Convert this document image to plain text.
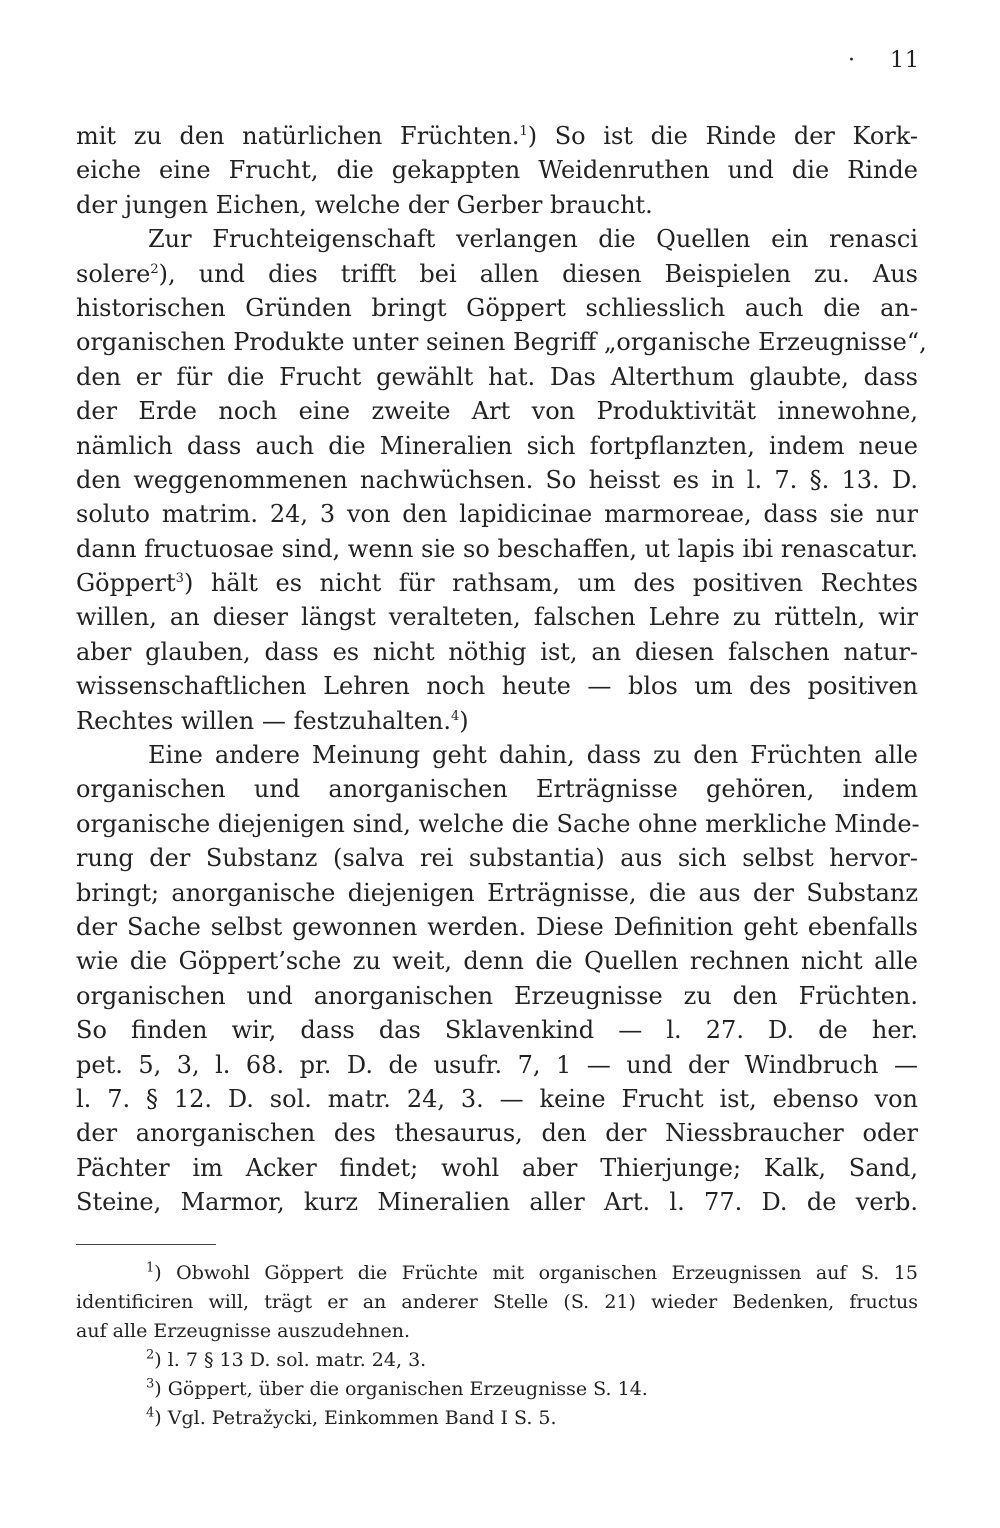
· 11
mit zu den natürlichen Früchten.$^1$) So ist die Rinde der Kork-
eiche eine Frucht, die gekappten Weidenruthen und die Rinde
der jungen Eichen, welche der Gerber braucht.
Zur Fruchteigenschaft verlangen die Quellen ein renasci
solere$^2$), und dies trifft bei allen diesen Beispielen zu. Aus
historischen Gründen bringt Göppert schliesslich auch die an-
organischen Produkte unter seinen Begriff „organische Erzeugnisse“,
den er für die Frucht gewählt hat. Das Alterthum glaubte, dass
der Erde noch eine zweite Art von Produktivität innewohne,
nämlich dass auch die Mineralien sich fortpflanzten, indem neue
den weggenommenen nachwüchsen. So heisst es in l. 7. §. 13. D.
soluto matrim. 24, 3 von den lapidicinae marmoreae, dass sie nur
dann fructuosae sind, wenn sie so beschaffen, ut lapis ibi renascatur.
Göppert$^3$) hält es nicht für rathsam, um des positiven Rechtes
willen, an dieser längst veralteten, falschen Lehre zu rütteln, wir
aber glauben, dass es nicht nöthig ist, an diesen falschen natur-
wissenschaftlichen Lehren noch heute — blos um des positiven
Rechtes willen — festzuhalten.$^4$)
Eine andere Meinung geht dahin, dass zu den Früchten alle
organischen und anorganischen Erträgnisse gehören, indem
organische diejenigen sind, welche die Sache ohne merkliche Minde-
rung der Substanz (salva rei substantia) aus sich selbst hervor-
bringt; anorganische diejenigen Erträgnisse, die aus der Substanz
der Sache selbst gewonnen werden. Diese Definition geht ebenfalls
wie die Göppert’sche zu weit, denn die Quellen rechnen nicht alle
organischen und anorganischen Erzeugnisse zu den Früchten.
So finden wir, dass das Sklavenkind — l. 27. D. de her.
pet. 5, 3, l. 68. pr. D. de usufr. 7, 1 — und der Windbruch —
l. 7. § 12. D. sol. matr. 24, 3. — keine Frucht ist, ebenso von
der anorganischen des thesaurus, den der Niessbraucher oder
Pächter im Acker findet; wohl aber Thierjunge; Kalk, Sand,
Steine, Marmor, kurz Mineralien aller Art. l. 77. D. de verb.
$^1$) Obwohl Göppert die Früchte mit organischen Erzeugnissen auf S. 15
identificiren will, trägt er an anderer Stelle (S. 21) wieder Bedenken, fructus
auf alle Erzeugnisse auszudehnen.
$^2$) l. 7 § 13 D. sol. matr. 24, 3.
$^3$) Göppert, über die organischen Erzeugnisse S. 14.
$^4$) Vgl. Petražycki, Einkommen Band I S. 5.
